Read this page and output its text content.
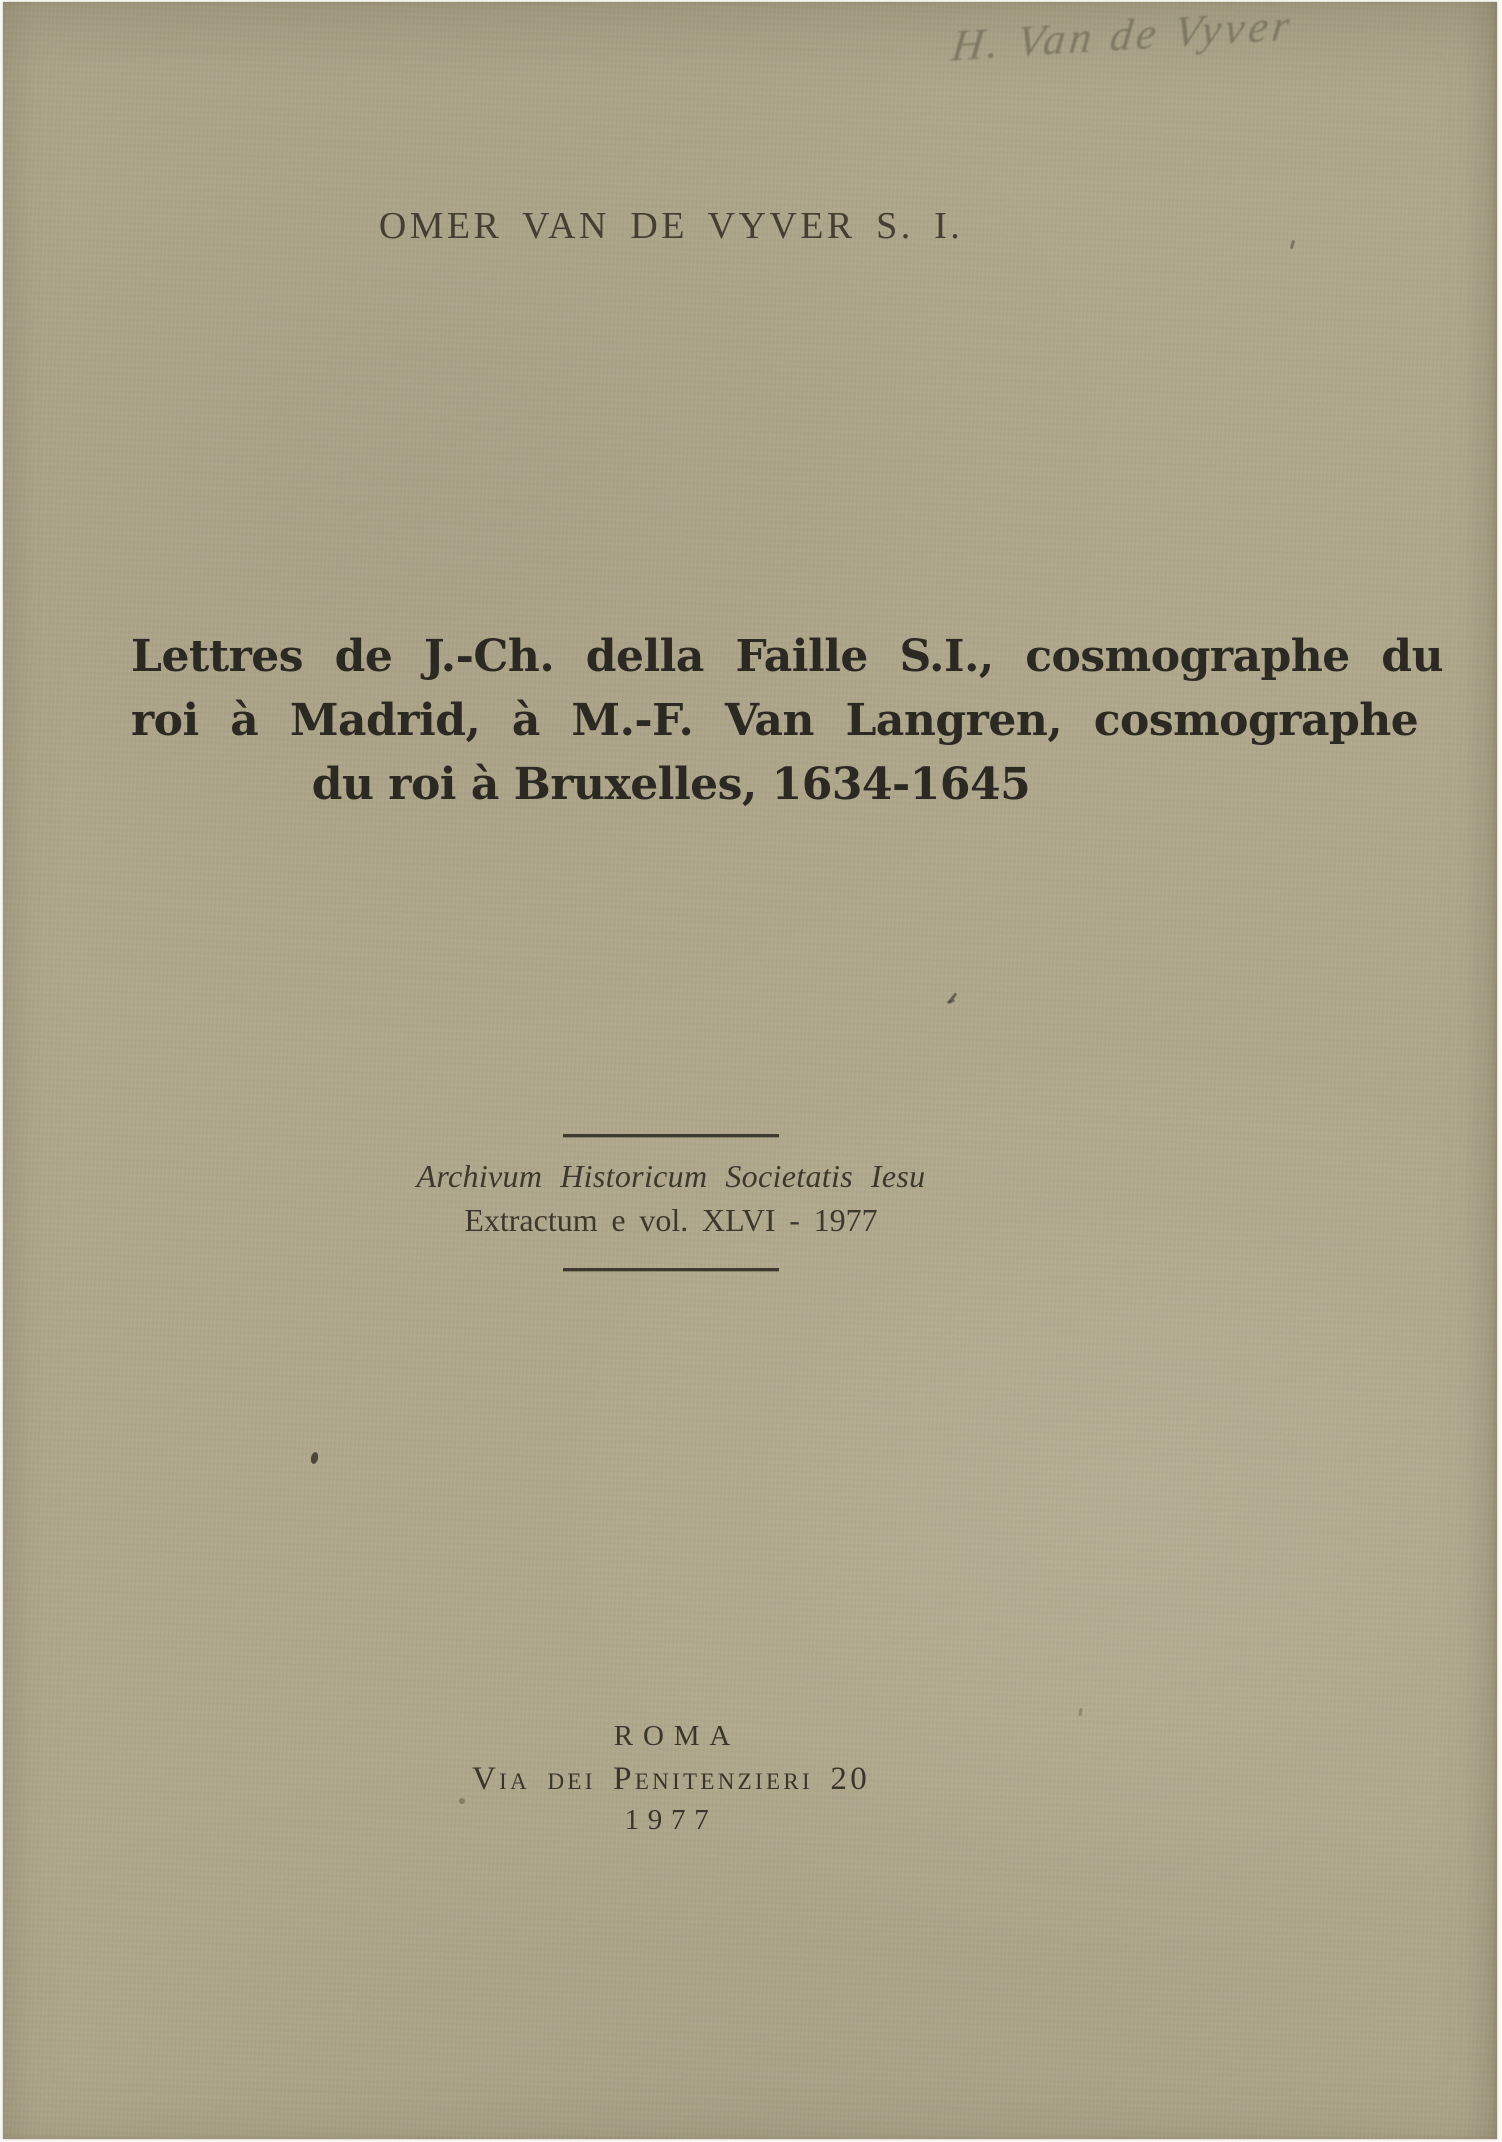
H. Van de Vyver
OMER VAN DE VYVER S. I.
Lettres de J.-Ch. della Faille S.I., cosmographe du
roi à Madrid, à M.-F. Van Langren, cosmographe
du roi à Bruxelles, 1634-1645
Archivum Historicum Societatis Iesu
Extractum e vol. XLVI - 1977
ROMA
Via dei Penitenzieri 20
1977
